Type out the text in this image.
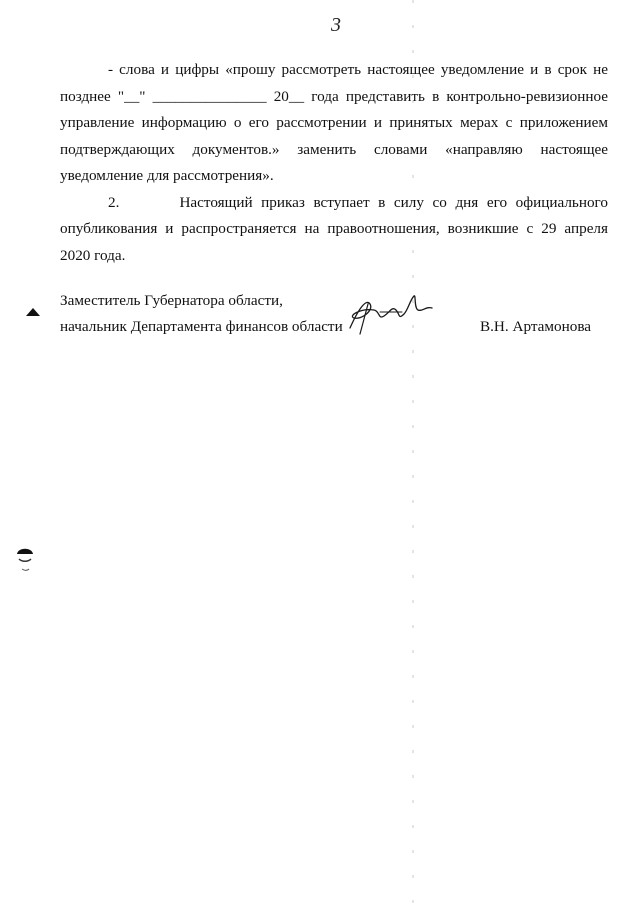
3

- слова и цифры «прошу рассмотреть настоящее уведомление и в срок не позднее "__" _______________ 20__ года представить в контрольно-ревизионное управление информацию о его рассмотрении и принятых мерах с приложением подтверждающих документов.» заменить словами «направляю настоящее уведомление для рассмотрения».

2.	Настоящий приказ вступает в силу со дня его официального опубликования и распространяется на правоотношения, возникшие с 29 апреля 2020 года.

Заместитель Губернатора области,
начальник Департамента финансов области	В.Н. Артамонова
